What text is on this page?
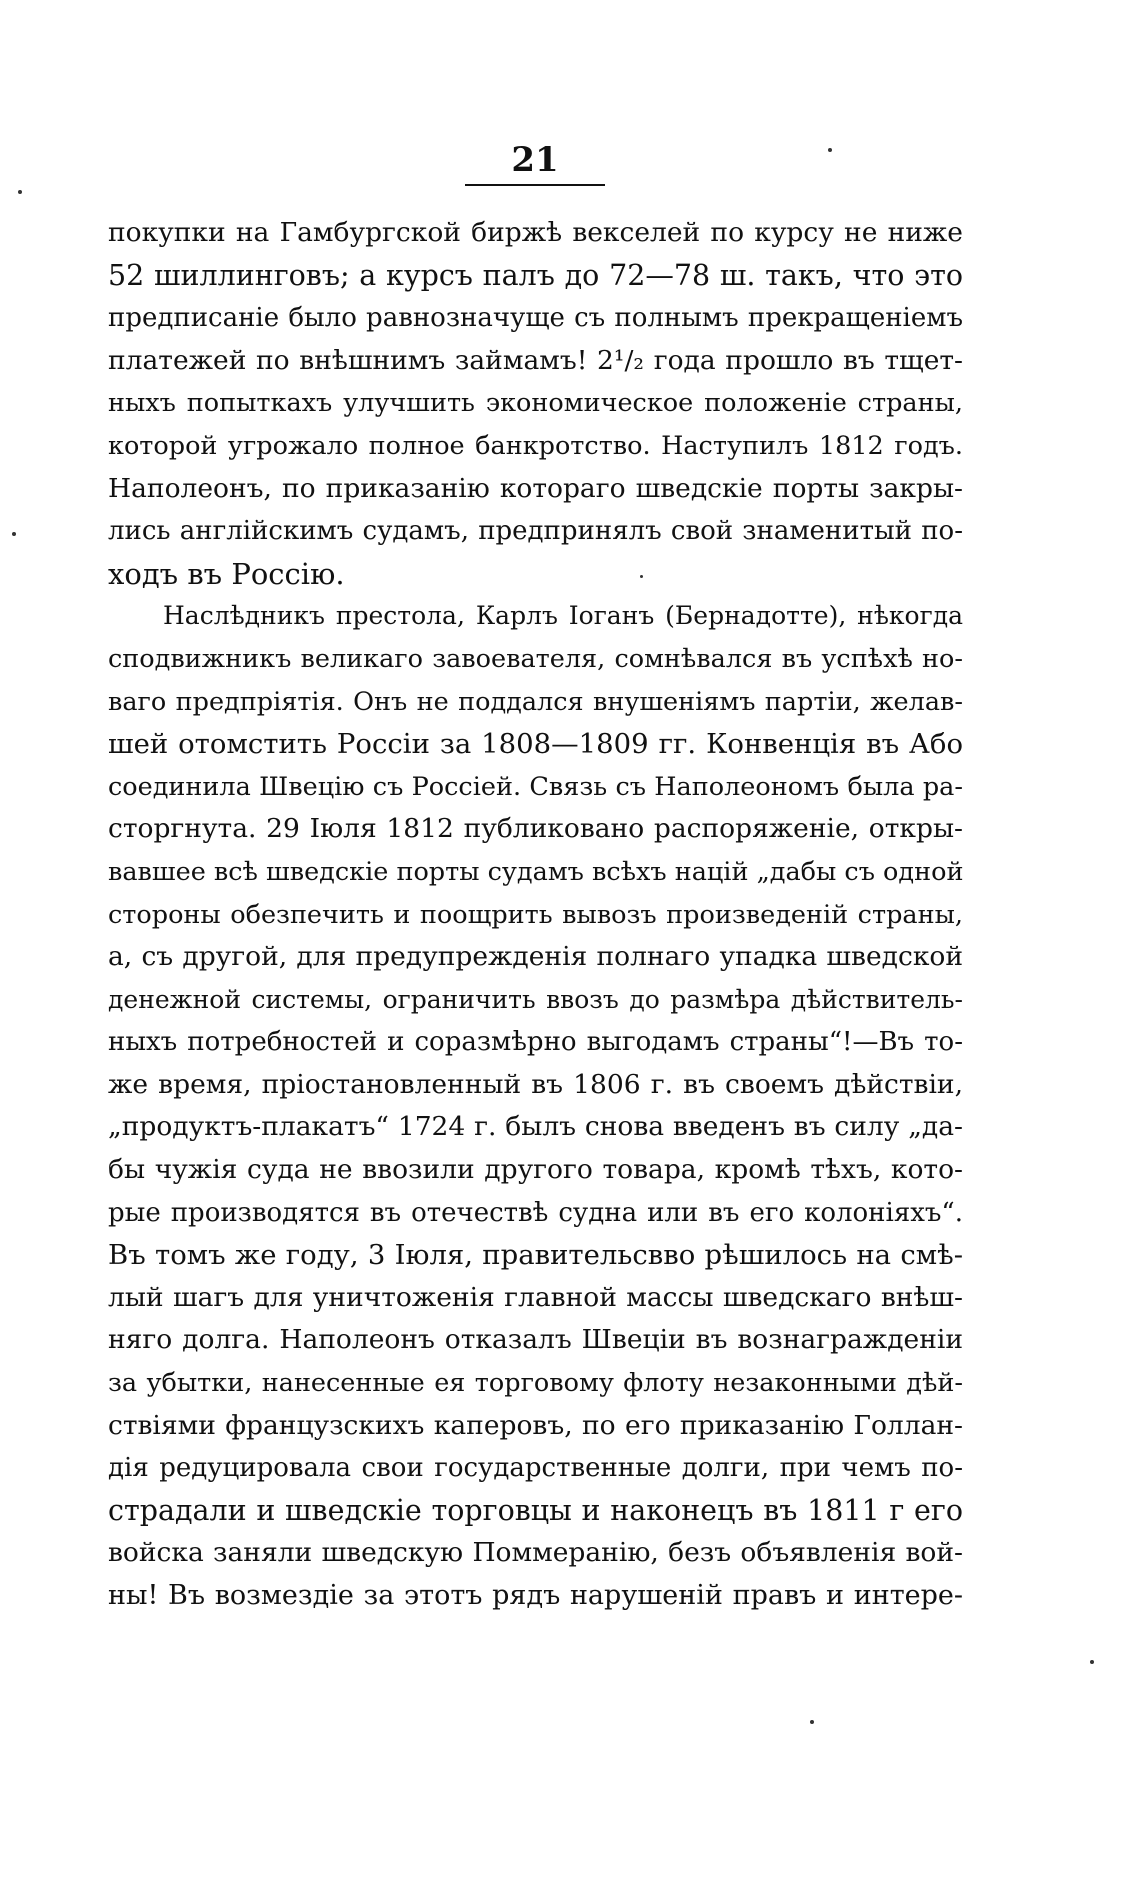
21
покупки на Гамбургской биржѣ векселей по курсу не ниже
52 шиллинговъ; а курсъ палъ до 72—78 ш. такъ, что это
предписаніе было равнозначуще съ полнымъ прекращеніемъ
платежей по внѣшнимъ займамъ! 2¹/₂ года прошло въ тщет-
ныхъ попыткахъ улучшить экономическое положеніе страны,
которой угрожало полное банкротство. Наступилъ 1812 годъ.
Наполеонъ, по приказанію котораго шведскіе порты закры-
лись англійскимъ судамъ, предпринялъ свой знаменитый по-
ходъ въ Россію.
Наслѣдникъ престола, Карлъ Іоганъ (Бернадотте), нѣкогда
сподвижникъ великаго завоевателя, сомнѣвался въ успѣхѣ но-
ваго предпріятія. Онъ не поддался внушеніямъ партіи, желав-
шей отомстить Россіи за 1808—1809 гг. Конвенція въ Або
соединила Швецію съ Россіей. Связь съ Наполеономъ была ра-
сторгнута. 29 Іюля 1812 публиковано распоряженіе, откры-
вавшее всѣ шведскіе порты судамъ всѣхъ націй „дабы съ одной
стороны обезпечить и поощрить вывозъ произведеній страны,
а, съ другой, для предупрежденія полнаго упадка шведской
денежной системы, ограничить ввозъ до размѣра дѣйствитель-
ныхъ потребностей и соразмѣрно выгодамъ страны“!—Въ то-
же время, пріостановленный въ 1806 г. въ своемъ дѣйствіи,
„продуктъ-плакатъ“ 1724 г. былъ снова введенъ въ силу „да-
бы чужія суда не ввозили другого товара, кромѣ тѣхъ, кото-
рые производятся въ отечествѣ судна или въ его колоніяхъ“.
Въ томъ же году, 3 Іюля, правительсвво рѣшилось на смѣ-
лый шагъ для уничтоженія главной массы шведскаго внѣш-
няго долга. Наполеонъ отказалъ Швеціи въ вознагражденіи
за убытки, нанесенные ея торговому флоту незаконными дѣй-
ствіями французскихъ каперовъ, по его приказанію Голлан-
дія редуцировала свои государственные долги, при чемъ по-
страдали и шведскіе торговцы и наконецъ въ 1811 г его
войска заняли шведскую Поммеранію, безъ объявленія вой-
ны! Въ возмездіе за этотъ рядъ нарушеній правъ и интере-
